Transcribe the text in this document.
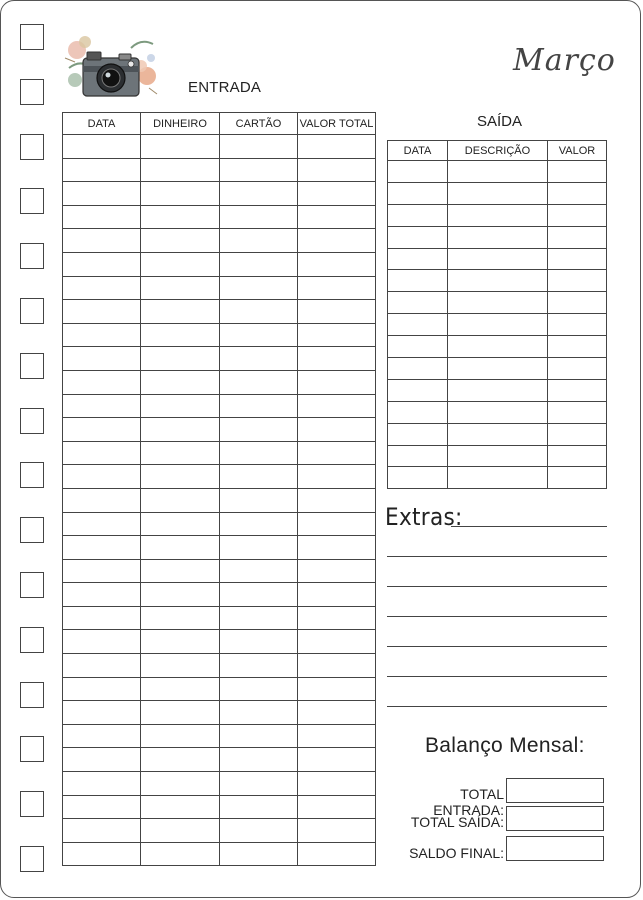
ENTRADA
Março
DATA	DINHEIRO	CARTÃO	VALOR TOTAL

				SAÍDA
DATA	DESCRIÇÃO	VALOR

Extras:
Balanço Mensal:
TOTAL ENTRADA:
TOTAL SAÍDA:
SALDO FINAL:
